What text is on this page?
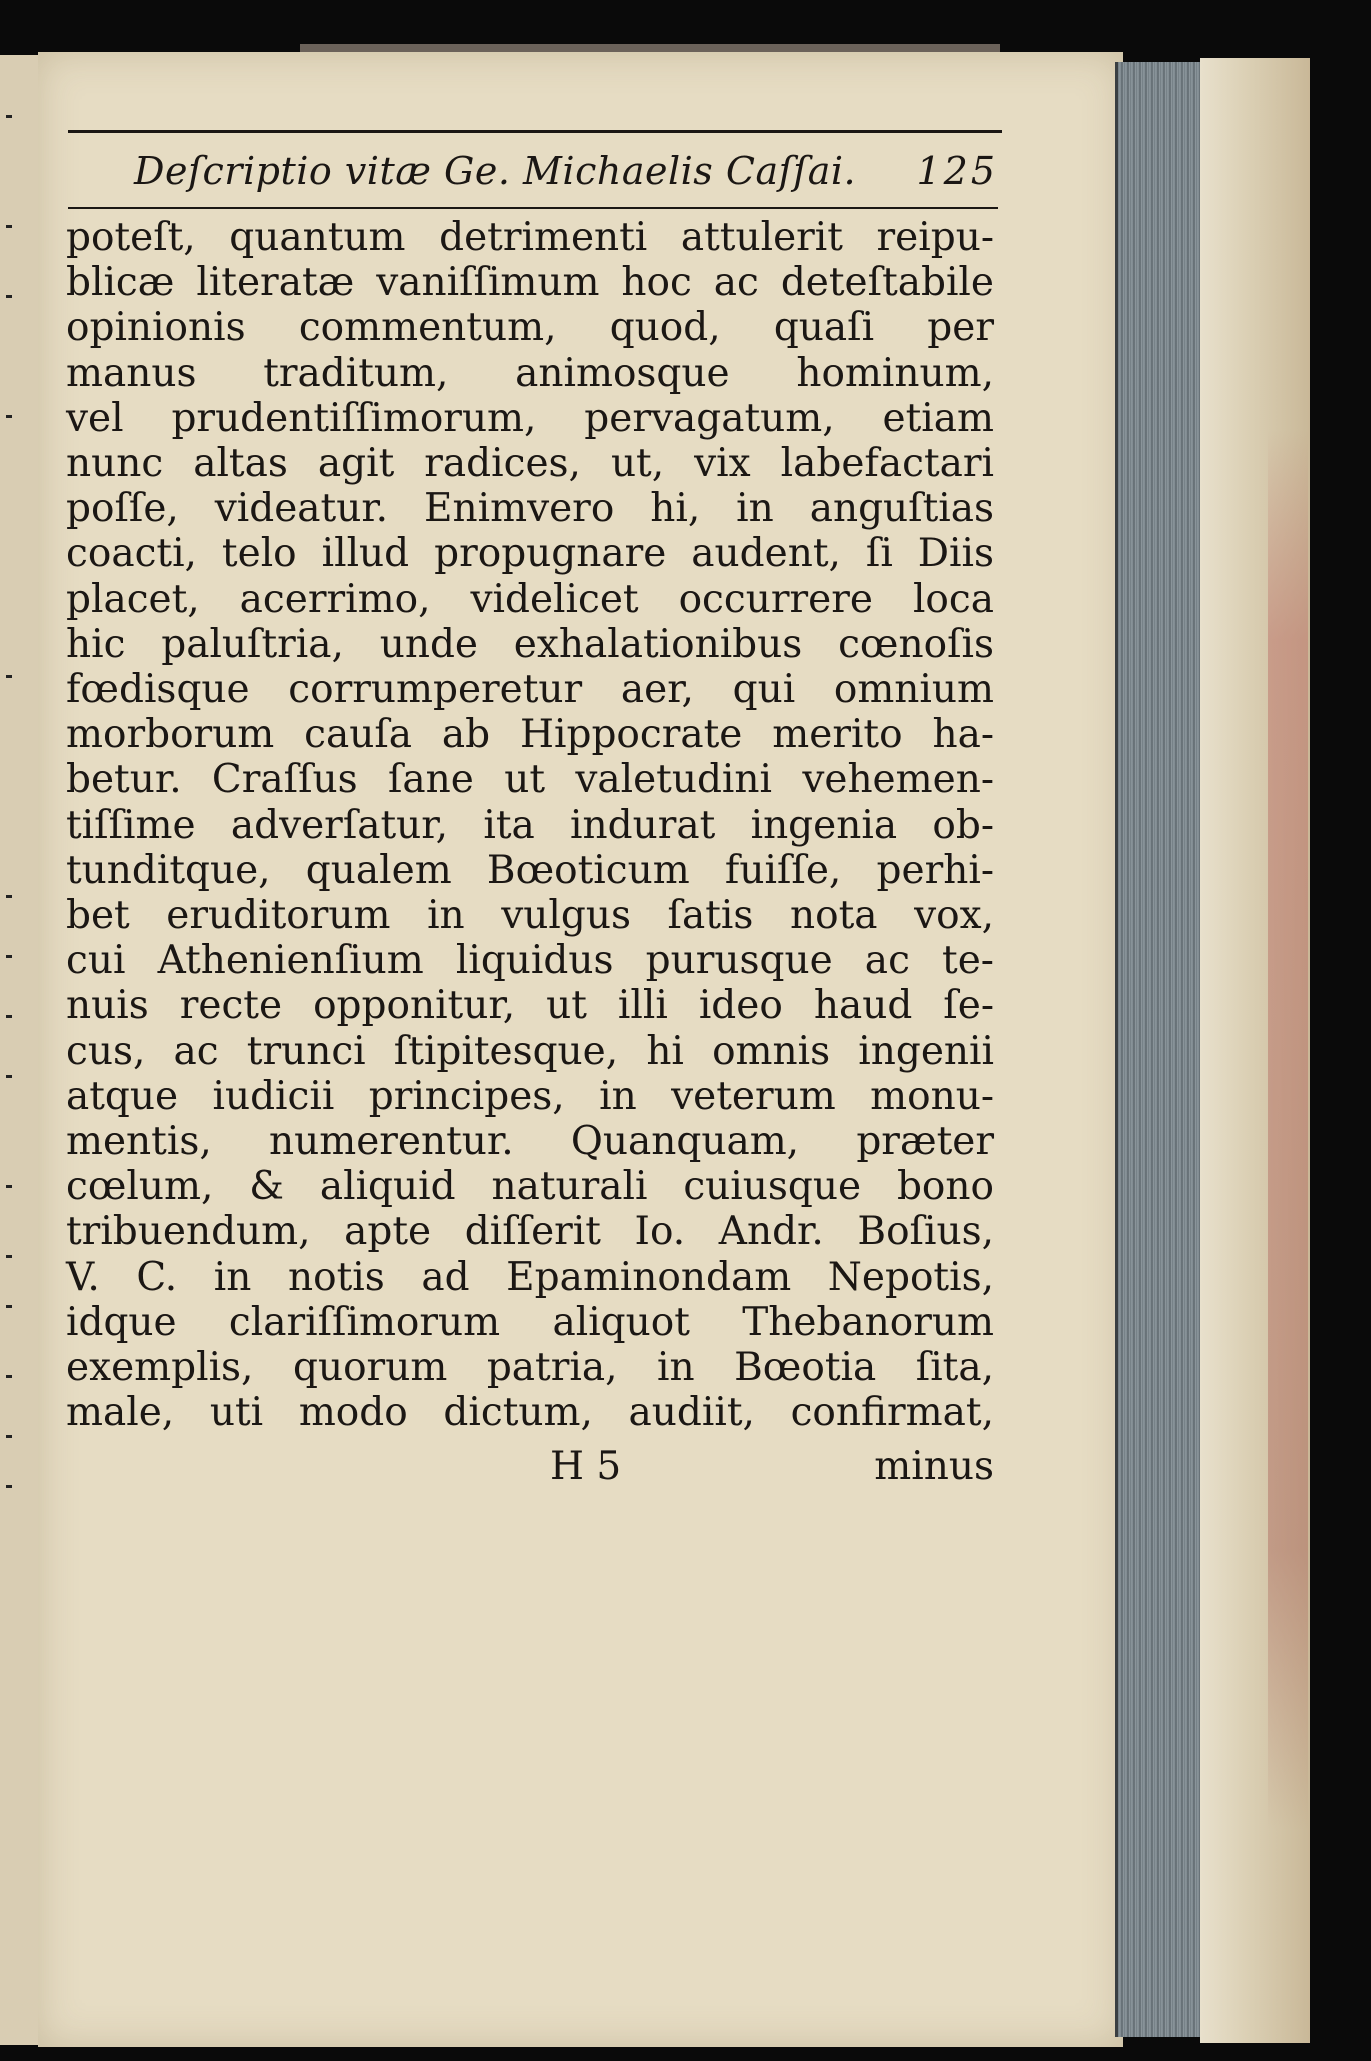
Deſcriptio vitæ Ge. Michaelis Caſſai. 125
poteſt, quantum detrimenti attulerit reipu-
blicæ literatæ vaniſſimum hoc ac deteſtabile
opinionis commentum, quod, quaſi per
manus traditum, animosque hominum,
vel prudentiſſimorum, pervagatum, etiam
nunc altas agit radices, ut, vix labefactari
poſſe, videatur. Enimvero hi, in anguſtias
coacti, telo illud propugnare audent, ſi Diis
placet, acerrimo, videlicet occurrere loca
hic paluſtria, unde exhalationibus cœnoſis
fœdisque corrumperetur aer, qui omnium
morborum cauſa ab Hippocrate merito ha-
betur. Craſſus ſane ut valetudini vehemen-
tiſſime adverſatur, ita indurat ingenia ob-
tunditque, qualem Bœoticum fuiſſe, perhi-
bet eruditorum in vulgus ſatis nota vox,
cui Athenienſium liquidus purusque ac te-
nuis recte opponitur, ut illi ideo haud ſe-
cus, ac trunci ſtipitesque, hi omnis ingenii
atque iudicii principes, in veterum monu-
mentis, numerentur. Quanquam, præter
cœlum, & aliquid naturali cuiusque bono
tribuendum, apte diſſerit Io. Andr. Boſius,
V. C. in notis ad Epaminondam Nepotis,
idque clariſſimorum aliquot Thebanorum
exemplis, quorum patria, in Bœotia ſita,
male, uti modo dictum, audiit, confirmat,
H 5	minus
